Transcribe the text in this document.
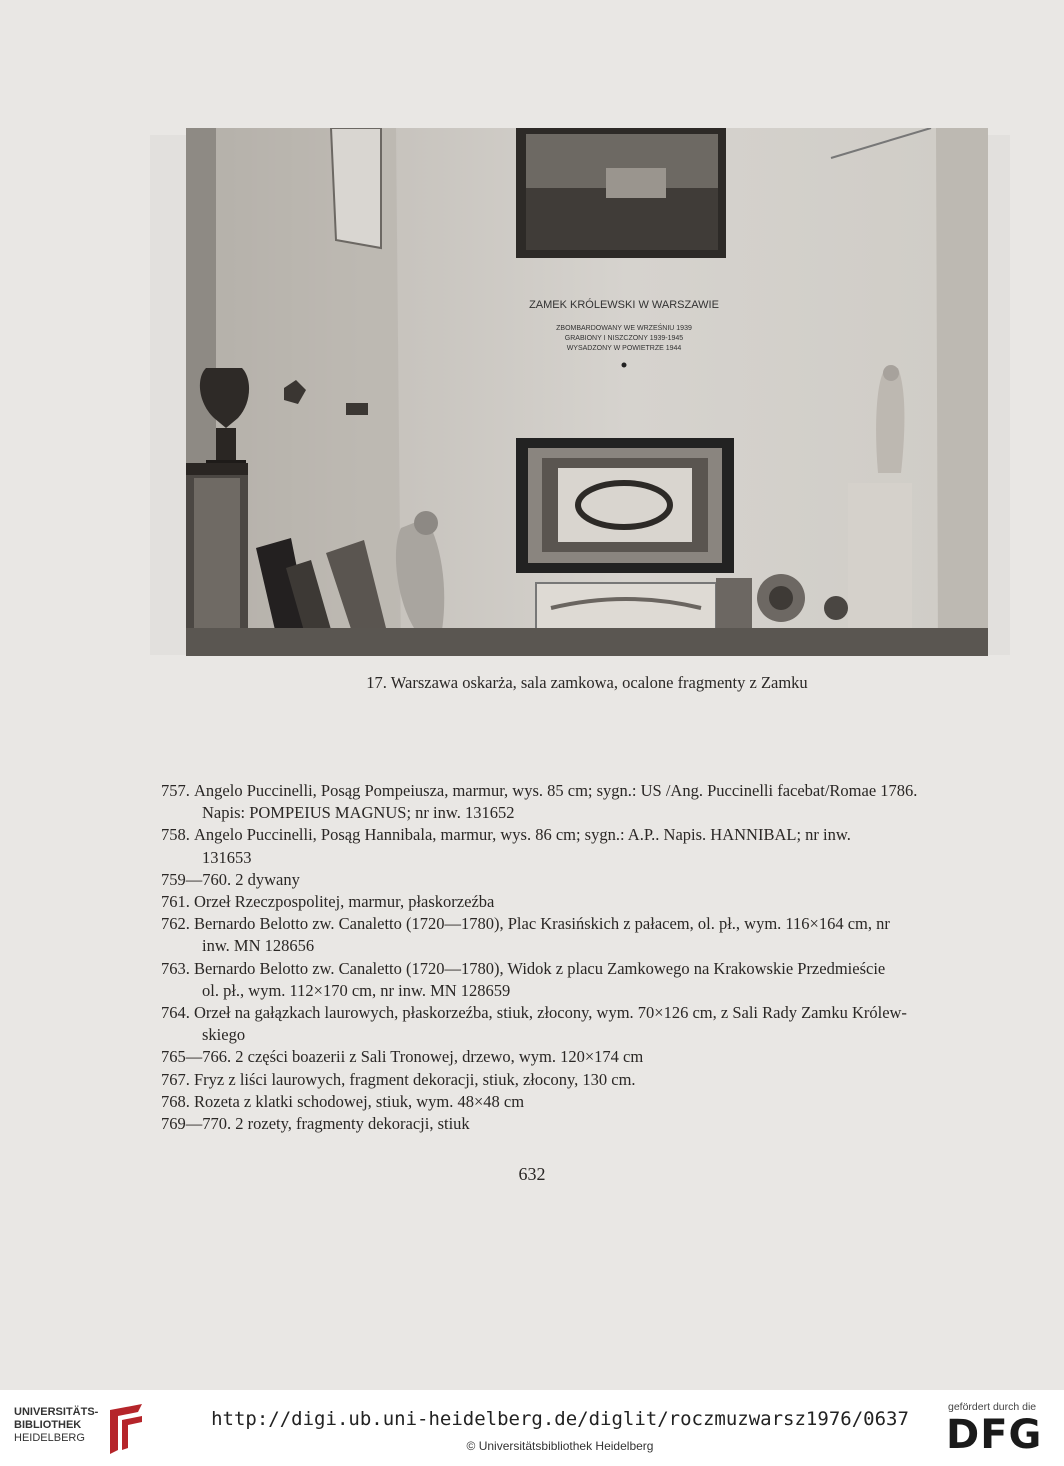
ZAMEK KRÓLEWSKI W WARSZAWIE
ZBOMBARDOWANY WE WRZEŚNIU 1939
GRABIONY I NISZCZONY 1939-1945
WYSADZONY W POWIETRZE 1944
17. Warszawa oskarża, sala zamkowa, ocalone fragmenty z Zamku
757. Angelo Puccinelli, Posąg Pompeiusza, marmur, wys. 85 cm; sygn.: US /Ang. Puccinelli facebat/Romae 1786.
Napis: POMPEIUS MAGNUS; nr inw. 131652
758. Angelo Puccinelli, Posąg Hannibala, marmur, wys. 86 cm; sygn.: A.P.. Napis. HANNIBAL; nr inw.
131653
759—760. 2 dywany
761. Orzeł Rzeczpospolitej, marmur, płaskorzeźba
762. Bernardo Belotto zw. Canaletto (1720—1780), Plac Krasińskich z pałacem, ol. pł., wym. 116×164 cm, nr
inw. MN 128656
763. Bernardo Belotto zw. Canaletto (1720—1780), Widok z placu Zamkowego na Krakowskie Przedmieście
ol. pł., wym. 112×170 cm, nr inw. MN 128659
764. Orzeł na gałązkach laurowych, płaskorzeźba, stiuk, złocony, wym. 70×126 cm, z Sali Rady Zamku Królew-
skiego
765—766. 2 części boazerii z Sali Tronowej, drzewo, wym. 120×174 cm
767. Fryz z liści laurowych, fragment dekoracji, stiuk, złocony, 130 cm.
768. Rozeta z klatki schodowej, stiuk, wym. 48×48 cm
769—770. 2 rozety, fragmenty dekoracji, stiuk
632
UNIVERSITÄTS-
BIBLIOTHEK
HEIDELBERG
http://digi.ub.uni-heidelberg.de/diglit/roczmuzwarsz1976/0637
© Universitätsbibliothek Heidelberg
gefördert durch die
DFG
